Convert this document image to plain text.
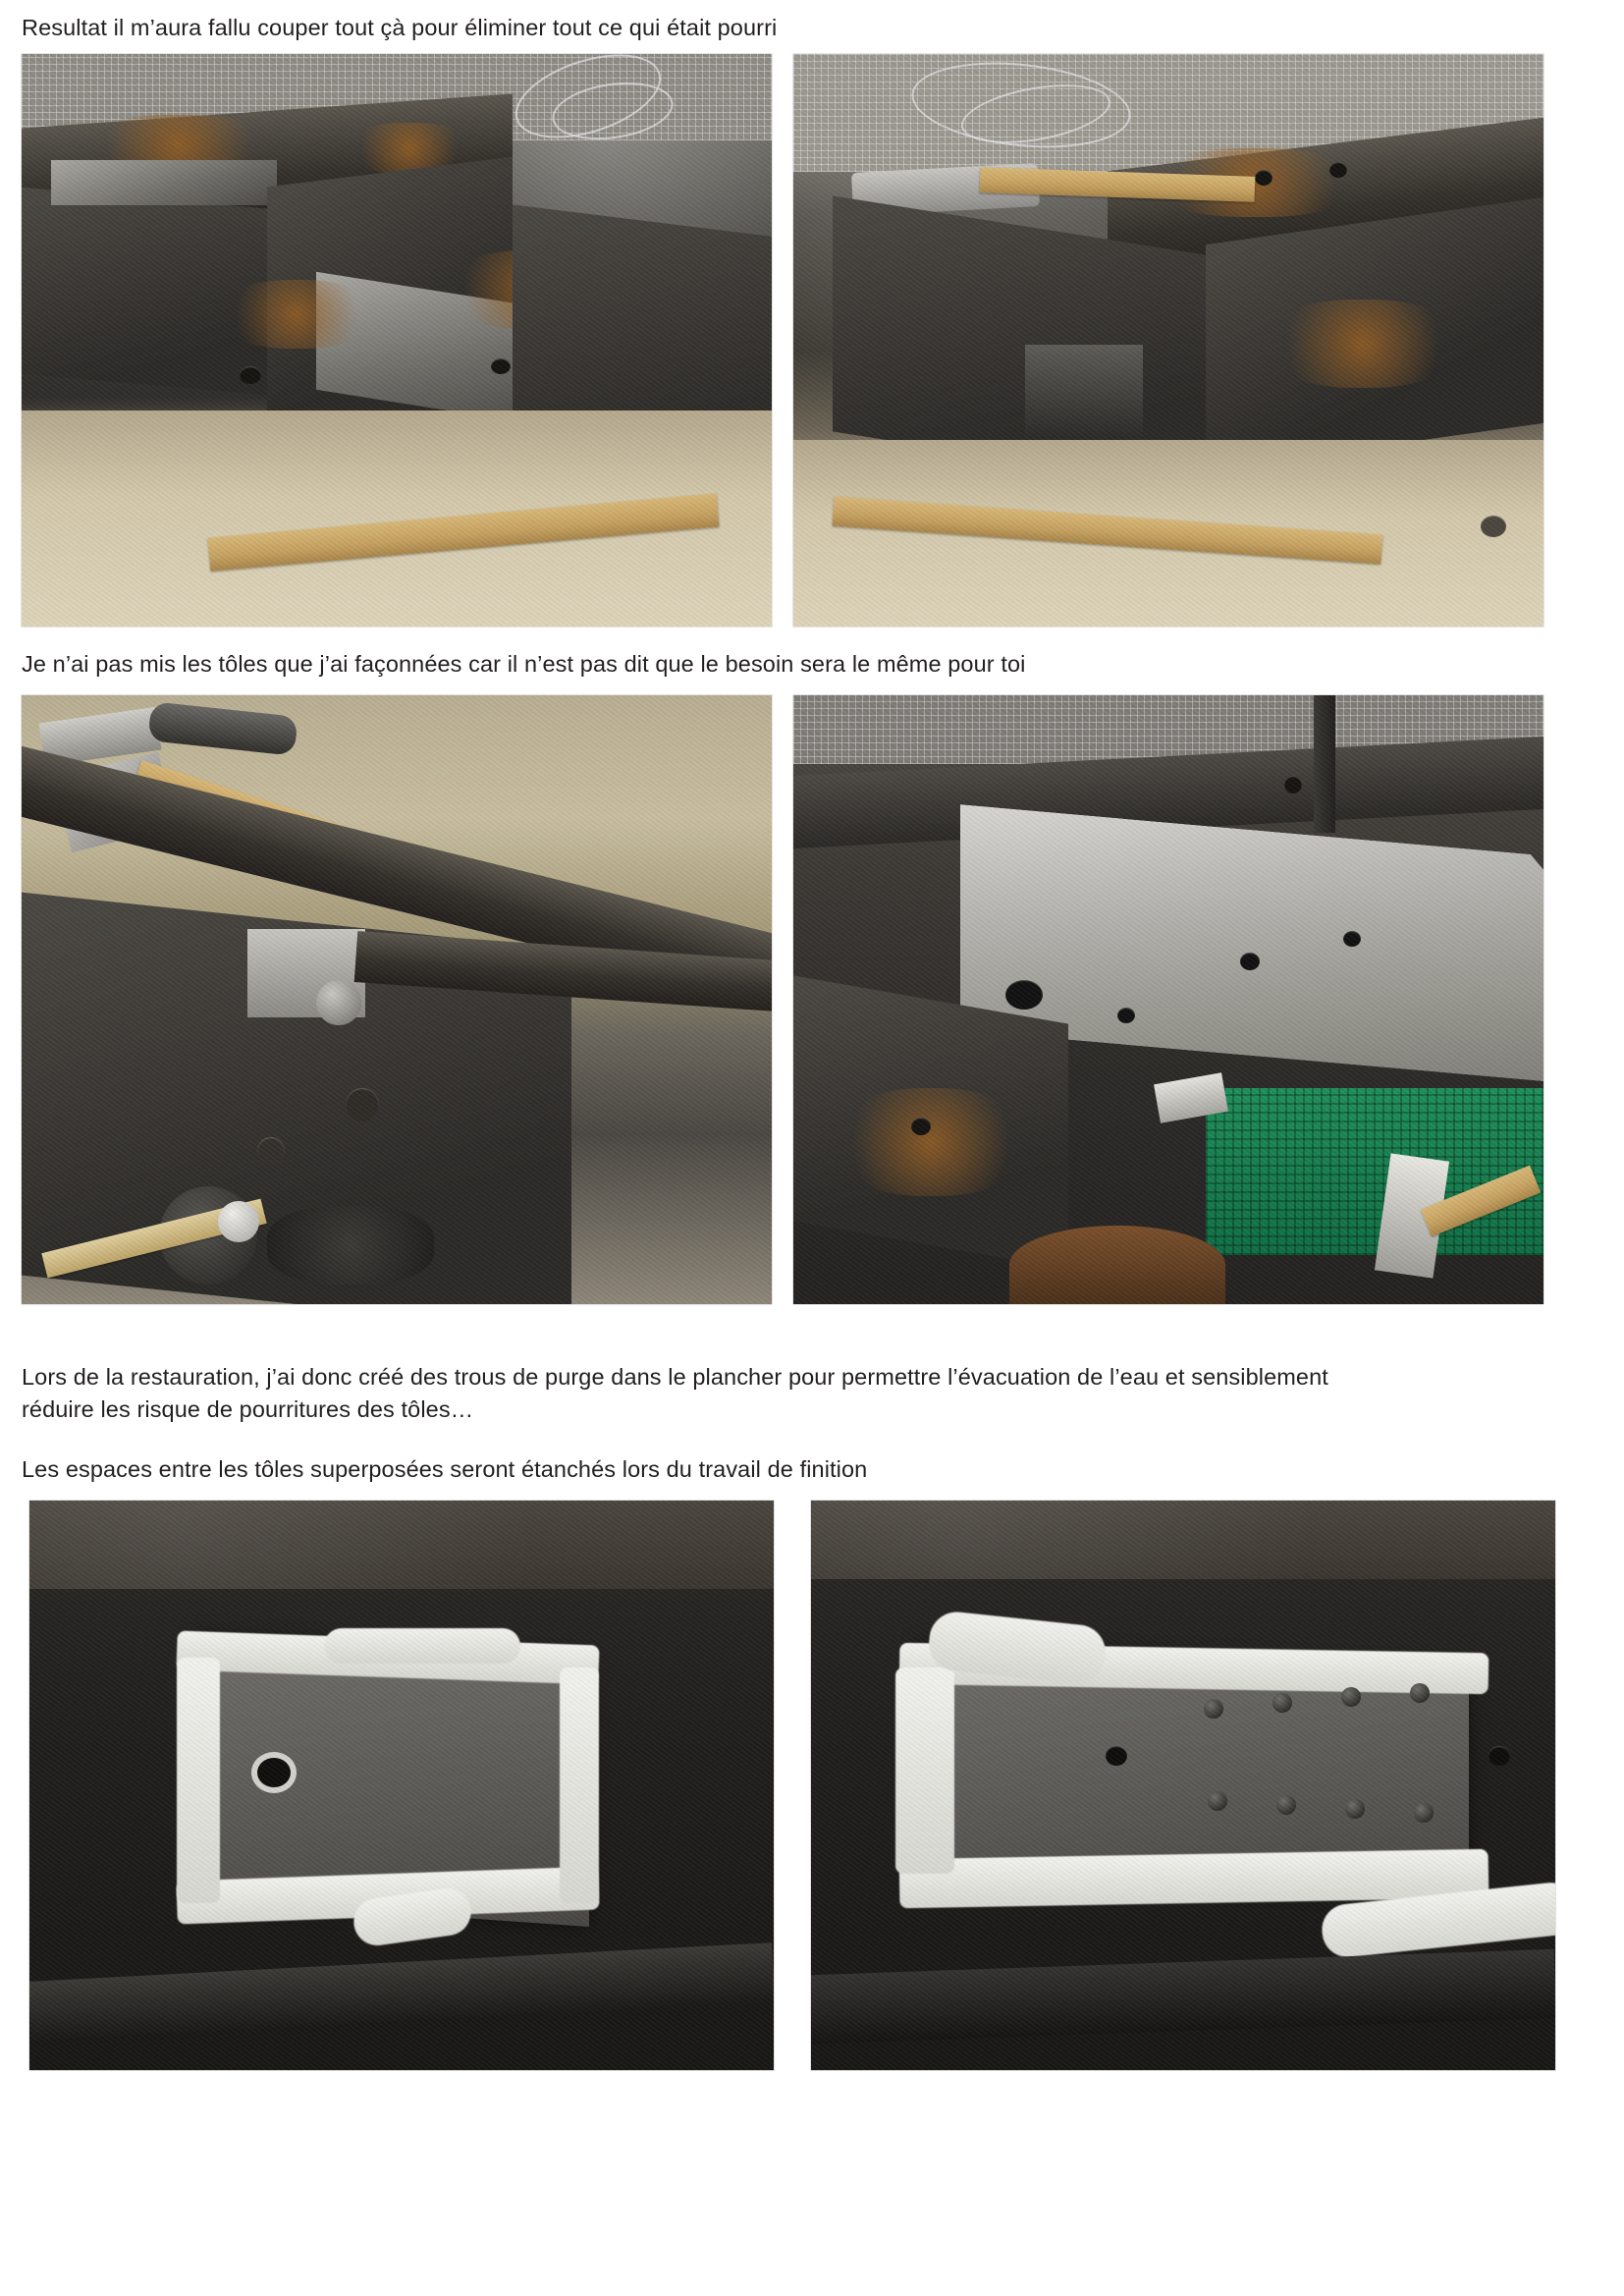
Resultat il m’aura fallu couper tout çà pour éliminer tout ce qui était pourri

Je n’ai pas mis les tôles que j’ai façonnées car il n’est pas dit que le besoin sera le même pour toi

Lors de la restauration, j’ai donc créé des trous de purge dans le plancher pour permettre l’évacuation de l’eau et sensiblement

réduire les risque de pourritures des tôles…

Les espaces entre les tôles superposées seront étanchés lors du travail de finition
